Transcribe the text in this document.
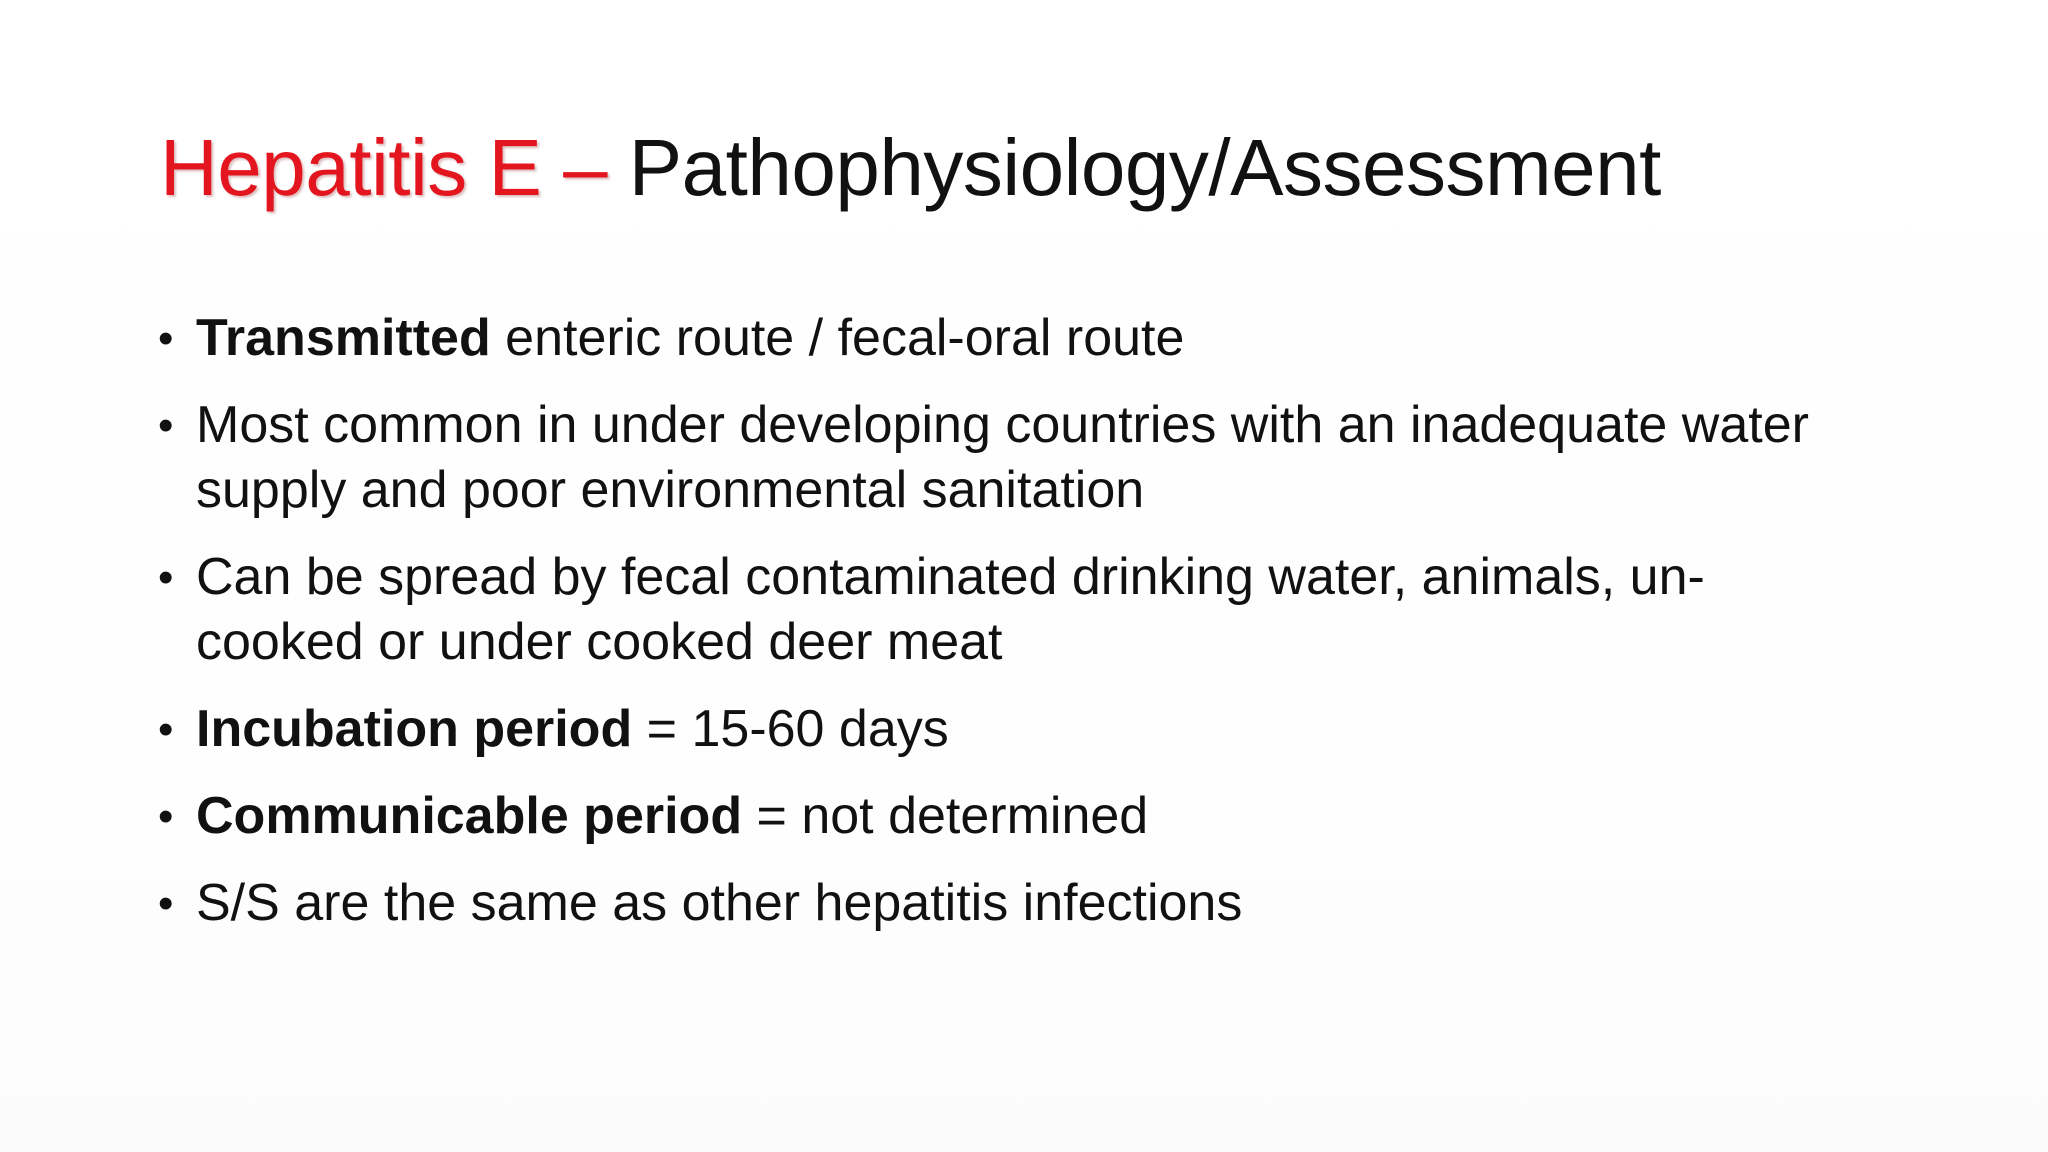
Hepatitis E – Pathophysiology/Assessment
• Transmitted enteric route / fecal-oral route
• Most common in under developing countries with an inadequate water supply and poor environmental sanitation
• Can be spread by fecal contaminated drinking water, animals, un-cooked or under cooked deer meat
• Incubation period = 15-60 days
• Communicable period = not determined
• S/S are the same as other hepatitis infections
